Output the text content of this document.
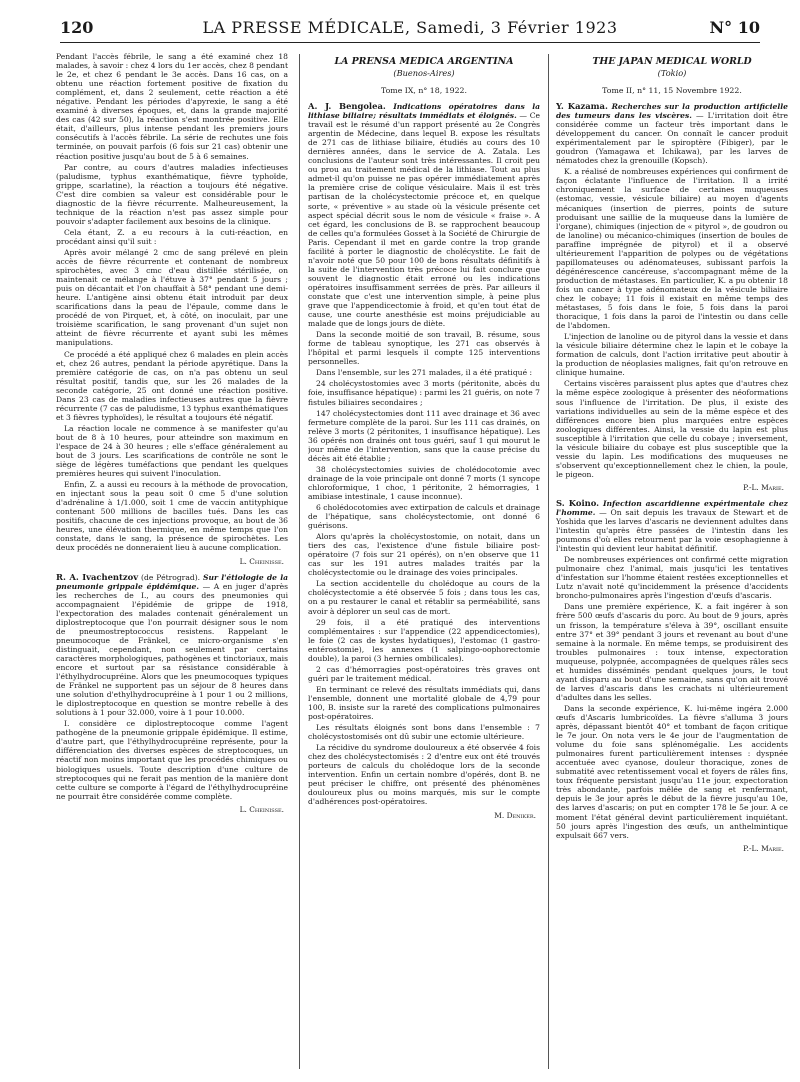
120	LA PRESSE MÉDICALE, Samedi, 3 Février 1923	N° 10

Pendant l'accès fébrile, le sang a été examiné chez 18 malades, à savoir : chez 4 lors du 1er accès, chez 8 pendant le 2e, et chez 6 pendant le 3e accès. Dans 16 cas, on a obtenu une réaction fortement positive de fixation du complément, et, dans 2 seulement, cette réaction a été négative. Pendant les périodes d'apyrexie, le sang a été examiné à diverses époques, et, dans la grande majorité des cas (42 sur 50), la réaction s'est montrée positive. Elle était, d'ailleurs, plus intense pendant les premiers jours consécutifs à l'accès fébrile. La série de rechutes une fois terminée, on pouvait parfois (6 fois sur 21 cas) obtenir une réaction positive jusqu'au bout de 5 à 6 semaines.

Par contre, au cours d'autres maladies infectieuses (paludisme, typhus exanthématique, fièvre typhoïde, grippe, scarlatine), la réaction a toujours été négative. C'est dire combien sa valeur est considérable pour le diagnostic de la fièvre récurrente. Malheureusement, la technique de la réaction n'est pas assez simple pour pouvoir s'adapter facilement aux besoins de la clinique.

Cela étant, Z. a eu recours à la cuti-réaction, en procédant ainsi qu'il suit :

Après avoir mélangé 2 cmc de sang prélevé en plein accès de fièvre récurrente et contenant de nombreux spirochètes, avec 3 cmc d'eau distillée stérilisée, on maintenait ce mélange à l'étuve à 37° pendant 5 jours ; puis on décantait et l'on chauffait à 58° pendant une demi-heure. L'antigène ainsi obtenu était introduit par deux scarifications dans la peau de l'épaule, comme dans le procédé de von Pirquet, et, à côté, on inoculait, par une troisième scarification, le sang provenant d'un sujet non atteint de fièvre récurrente et ayant subi les mêmes manipulations.

Ce procédé a été appliqué chez 6 malades en plein accès et, chez 26 autres, pendant la période apyrétique. Dans la première catégorie de cas, on n'a pas obtenu un seul résultat positif, tandis que, sur les 26 malades de la seconde catégorie, 25 ont donné une réaction positive. Dans 23 cas de maladies infectieuses autres que la fièvre récurrente (7 cas de paludisme, 13 typhus exanthématiques et 3 fièvres typhoïdes), le résultat a toujours été négatif.

La réaction locale ne commence à se manifester qu'au bout de 8 à 10 heures, pour atteindre son maximum en l'espace de 24 à 30 heures ; elle s'efface généralement au bout de 3 jours. Les scarifications de contrôle ne sont le siège de légères tuméfactions que pendant les quelques premières heures qui suivent l'inoculation.

Enfin, Z. a aussi eu recours à la méthode de provocation, en injectant sous la peau soit 0 cme 5 d'une solution d'adrénaline à 1/1.000, soit 1 cme de vaccin antityphique contenant 500 millions de bacilles tués. Dans les cas positifs, chacune de ces injections provoque, au bout de 36 heures, une élévation thermique, en même temps que l'on constate, dans le sang, la présence de spirochètes. Les deux procédés ne donneraient lieu à aucune complication.

L. Cheinisse.

R. A. Ivachentzov (de Pétrograd). Sur l'étiologie de la pneumonie grippale épidémique. — A en juger d'après les recherches de I., au cours des pneumonies qui accompagnaient l'épidémie de grippe de 1918, l'expectoration des malades contenait généralement un diplostreptocoque que l'on pourrait désigner sous le nom de pneumostreptococcus resistens. Rappelant le pneumocoque de Fränkel, ce micro-organisme s'en distinguait, cependant, non seulement par certains caractères morphologiques, pathogènes et tinctoriaux, mais encore et surtout par sa résistance considérable à l'éthylhydrocupréine. Alors que les pneumocoques typiques de Fränkel ne supportent pas un séjour de 8 heures dans une solution d'ethylhydrocupréine à 1 pour 1 ou 2 millions, le diplostreptocoque en question se montre rebelle à des solutions à 1 pour 32.000, voire à 1 pour 10.000.

I. considère ce diplostreptocoque comme l'agent pathogène de la pneumonie grippale épidémique. Il estime, d'autre part, que l'éthylhydrocupréine représente, pour la différenciation des diverses espèces de streptocoques, un réactif non moins important que les procédés chimiques ou biologiques usuels. Toute description d'une culture de streptocoques qui ne ferait pas mention de la manière dont cette culture se comporte à l'égard de l'éthylhydrocupréine ne pourrait être considérée comme complète.

L. Cheinisse.
LA PRENSA MEDICA ARGENTINA
(Buenos-Aires)
Tome IX, n° 18, 1922.

A. J. Bengolea. Indications opératoires dans la lithiase biliaire; résultats immédiats et éloignés. — Ce travail est le résumé d'un rapport présenté au 2e Congrès argentin de Médecine, dans lequel B. expose les résultats de 271 cas de lithiase biliaire, étudiés au cours des 10 dernières années, dans le service de A. Zatala. Les conclusions de l'auteur sont très intéressantes. Il croit peu ou prou au traitement médical de la lithiase. Tout au plus admet-il qu'on puisse ne pas opérer immédiatement après la première crise de colique vésiculaire. Mais il est très partisan de la cholécystectomie précoce et, en quelque sorte, « préventive » au stade où la vésicule présente cet aspect spécial décrit sous le nom de vésicule « fraise ». A cet égard, les conclusions de B. se rapprochent beaucoup de celles qu'a formulées Gosset à la Société de Chirurgie de Paris. Cependant il met en garde contre la trop grande facilité à porter le diagnostic de cholécystite. Le fait de n'avoir noté que 50 pour 100 de bons résultats définitifs à la suite de l'intervention très précoce lui fait conclure que souvent le diagnostic était erroné ou les indications opératoires insuffisamment serrées de près. Par ailleurs il constate que c'est une intervention simple, à peine plus grave que l'appendicectomie à froid, et qu'en tout état de cause, une courte anesthésie est moins préjudiciable au malade que de longs jours de diète.

Dans la seconde moitié de son travail, B. résume, sous forme de tableau synoptique, les 271 cas observés à l'hôpital et parmi lesquels il compte 125 interventions personnelles.

Dans l'ensemble, sur les 271 malades, il a été pratiqué :

24 cholécystostomies avec 3 morts (péritonite, abcès du foie, insuffisance hépatique) : parmi les 21 guéris, on note 7 fistules biliaires secondaires ;

147 cholécystectomies dont 111 avec drainage et 36 avec fermeture complète de la paroi. Sur les 111 cas drainés, on relève 3 morts (2 péritonites, 1 insuffisance hépatique). Les 36 opérés non drainés ont tous guéri, sauf 1 qui mourut le jour même de l'intervention, sans que la cause précise du décès ait été établie ;

38 cholécystectomies suivies de cholédocotomie avec drainage de la voie principale ont donné 7 morts (1 syncope chloroformique, 1 choc, 1 péritonite, 2 hémorragies, 1 amibiase intestinale, 1 cause inconnue).

6 cholédocotomies avec extirpation de calculs et drainage de l'hépatique, sans cholécystectomie, ont donné 6 guérisons.

Alors qu'après la cholécystostomie, on notait, dans un tiers des cas, l'existence d'une fistule biliaire post-opératoire (7 fois sur 21 opérés), on n'en observe que 11 cas sur les 191 autres malades traités par la cholécystectomie ou le drainage des voies principales.

La section accidentelle du cholédoque au cours de la cholécystectomie a été observée 5 fois ; dans tous les cas, on a pu restaurer le canal et rétablir sa perméabilité, sans avoir à déplorer un seul cas de mort.

29 fois, il a été pratiqué des interventions complémentaires : sur l'appendice (22 appendicectomies), le foie (2 cas de kystes hydatiques), l'estomac (1 gastro-entérostomie), les annexes (1 salpingo-oophorectomie double), la paroi (3 hernies ombilicales).

2 cas d'hémorragies post-opératoires très graves ont guéri par le traitement médical.

En terminant ce relevé des résultats immédiats qui, dans l'ensemble, donnent une mortalité globale de 4,79 pour 100, B. insiste sur la rareté des complications pulmonaires post-opératoires.

Les résultats éloignés sont bons dans l'ensemble : 7 cholécystostomisés ont dû subir une ectomie ultérieure.

La récidive du syndrome douloureux a été observée 4 fois chez des cholécystectomisés : 2 d'entre eux ont été trouvés porteurs de calculs du cholédoque lors de la seconde intervention. Enfin un certain nombre d'opérés, dont B. ne peut préciser le chiffre, ont présenté des phénomènes douloureux plus ou moins marqués, mis sur le compte d'adhérences post-opératoires.

M. Deniker.
THE JAPAN MEDICAL WORLD
(Tokio)
Tome II, n° 11, 15 Novembre 1922.

Y. Kazama. Recherches sur la production artificielle des tumeurs dans les viscères. — L'irritation doit être considérée comme un facteur très important dans le développement du cancer. On connaît le cancer produit expérimentalement par le spiroptère (Fibiger), par le goudron (Yamagawa et Ichikawa), par les larves de nématodes chez la grenouille (Kopsch).

K. a réalisé de nombreuses expériences qui confirment de façon éclatante l'influence de l'irritation. Il a irrité chroniquement la surface de certaines muqueuses (estomac, vessie, vésicule biliaire) au moyen d'agents mécaniques (insertion de pierres, points de suture produisant une saillie de la muqueuse dans la lumière de l'organe), chimiques (injection de « pityrol », de goudron ou de lanoline) ou mécanico-chimiques (insertion de boules de paraffine imprégnée de pityrol) et il a observé ultérieurement l'apparition de polypes ou de végétations papillomateuses ou adénomateuses, subissant parfois la dégénérescence cancéreuse, s'accompagnant même de la production de métastases. En particulier, K. a pu obtenir 18 fois un cancer à type adénomateux de la vésicule biliaire chez le cobaye; 11 fois il existait en même temps des métastases, 5 fois dans le foie, 5 fois dans la paroi thoracique, 1 fois dans la paroi de l'intestin ou dans celle de l'abdomen.

L'injection de lanoline ou de pityrol dans la vessie et dans la vésicule biliaire détermine chez le lapin et le cobaye la formation de calculs, dont l'action irritative peut aboutir à la production de néoplasies malignes, fait qu'on retrouve en clinique humaine.

Certains viscères paraissent plus aptes que d'autres chez la même espèce zoologique à présenter des néoformations sous l'influence de l'irritation. De plus, il existe des variations individuelles au sein de la même espèce et des différences encore bien plus marquées entre espèces zoologiques différentes. Ainsi, la vessie du lapin est plus susceptible à l'irritation que celle du cobaye ; inversement, la vésicule biliaire du cobaye est plus susceptible que la vessie du lapin. Les modifications des muqueuses ne s'observent qu'exceptionnellement chez le chien, la poule, le pigeon.

P.-L. Marie.

S. Koino. Infection ascaridienne expérimentale chez l'homme. — On sait depuis les travaux de Stewart et de Yoshida que les larves d'ascaris ne deviennent adultes dans l'intestin qu'après être passées de l'intestin dans les poumons d'où elles retournent par la voie œsophagienne à l'intestin qui devient leur habitat définitif.

De nombreuses expériences ont confirmé cette migration pulmonaire chez l'animal, mais jusqu'ici les tentatives d'infestation sur l'homme étaient restées exceptionnelles et Lutz n'avait noté qu'incidemment la présence d'accidents broncho-pulmonaires après l'ingestion d'œufs d'ascaris.

Dans une première expérience, K. a fait ingérer à son frère 500 œufs d'ascaris du porc. Au bout de 9 jours, après un frisson, la température s'éleva à 39°, oscillant ensuite entre 37° et 39° pendant 3 jours et revenant au bout d'une semaine à la normale. En même temps, se produisirent des troubles pulmonaires : toux intense, expectoration muqueuse, polypnée, accompagnées de quelques râles secs et humides disséminés pendant quelques jours, le tout ayant disparu au bout d'une semaine, sans qu'on ait trouvé de larves d'ascaris dans les crachats ni ultérieurement d'adultes dans les selles.

Dans la seconde expérience, K. lui-même ingéra 2.000 œufs d'Ascaris lumbricoïdes. La fièvre s'alluma 3 jours après, dépassant bientôt 40° et tombant de façon critique le 7e jour. On nota vers le 4e jour de l'augmentation de volume du foie sans splénomégalie. Les accidents pulmonaires furent particulièrement intenses : dyspnée accentuée avec cyanose, douleur thoracique, zones de submatité avec retentissement vocal et foyers de râles fins, toux fréquente persistant jusqu'au 11e jour, expectoration très abondante, parfois mêlée de sang et renfermant, depuis le 3e jour après le début de la fièvre jusqu'au 10e, des larves d'ascaris; on put en compter 178 le 5e jour. A ce moment l'état général devint particulièrement inquiétant. 50 jours après l'ingestion des œufs, un anthelmintique expulsait 667 vers.

P.-L. Marie.
